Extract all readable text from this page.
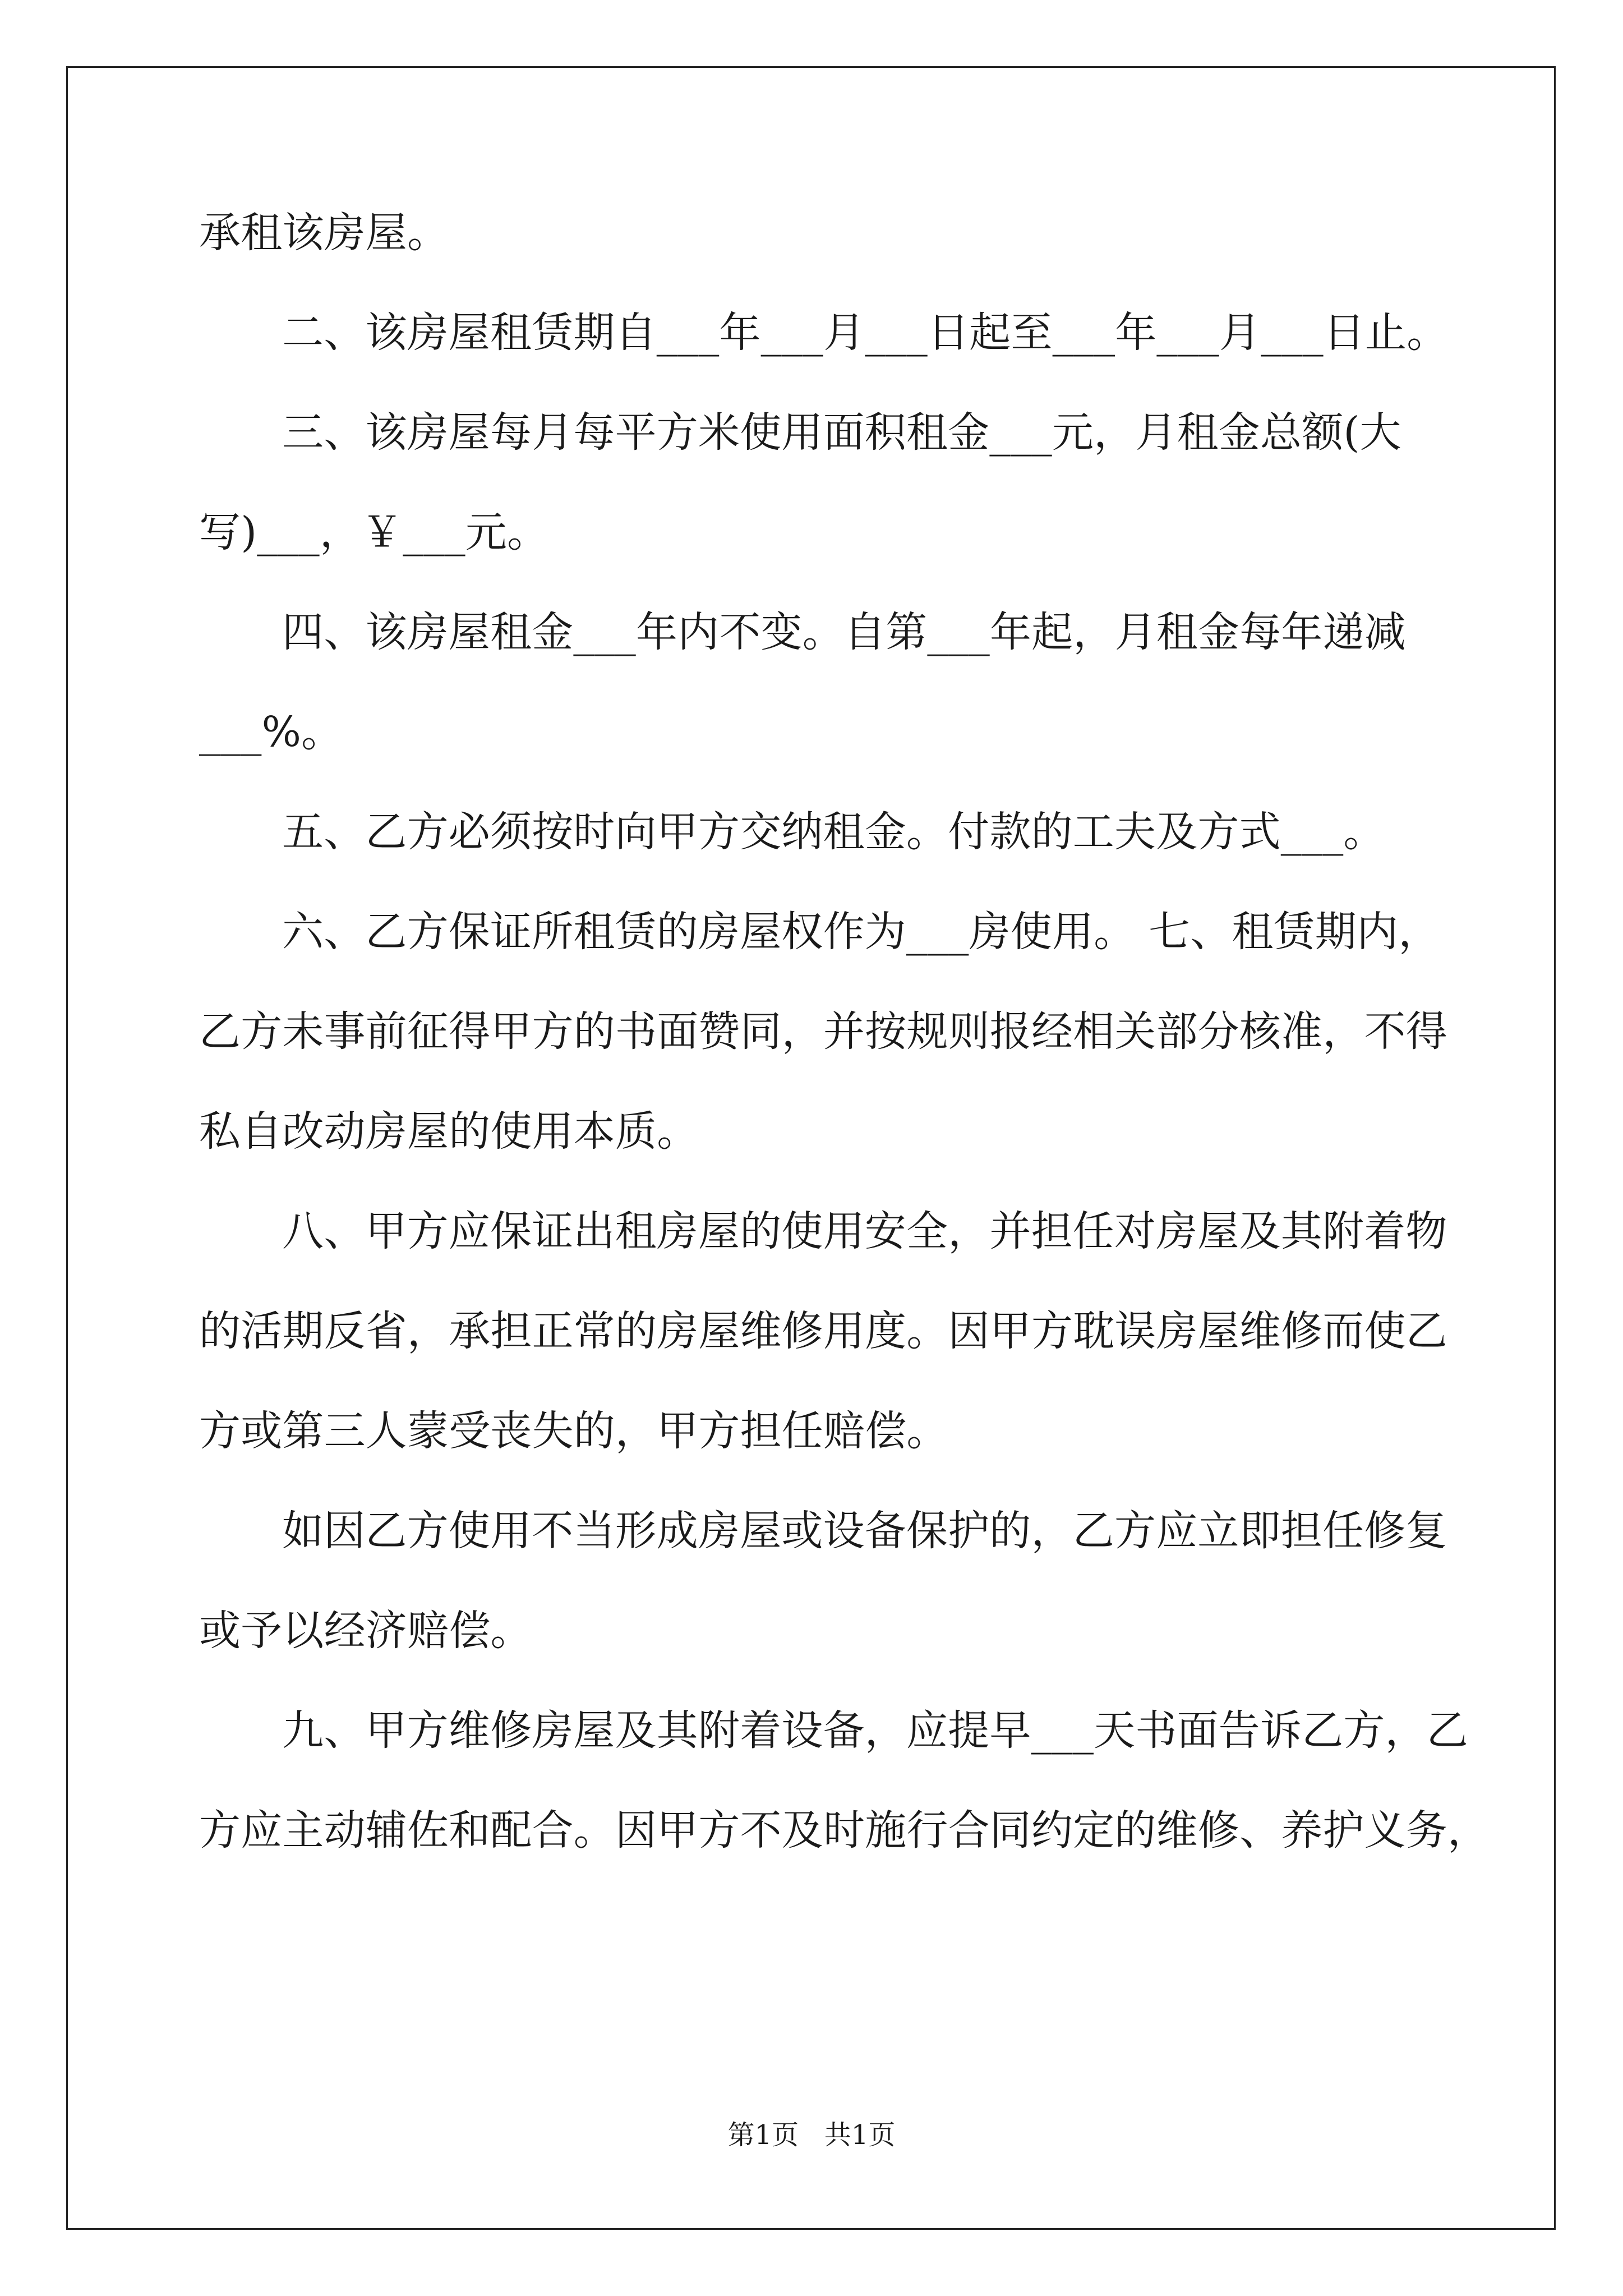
承租该房屋。
二、该房屋租赁期自___年___月___日起至___年___月___日止。
三、该房屋每月每平方米使用面积租金___元，月租金总额(大
写)___，￥___元。
四、该房屋租金___年内不变。自第___年起，月租金每年递减
___%。
五、乙方必须按时向甲方交纳租金。付款的工夫及方式___。
六、乙方保证所租赁的房屋权作为___房使用。 七、租赁期内，
乙方未事前征得甲方的书面赞同，并按规则报经相关部分核准，不得
私自改动房屋的使用本质。
八、甲方应保证出租房屋的使用安全，并担任对房屋及其附着物
的活期反省，承担正常的房屋维修用度。因甲方耽误房屋维修而使乙
方或第三人蒙受丧失的，甲方担任赔偿。
如因乙方使用不当形成房屋或设备保护的，乙方应立即担任修复
或予以经济赔偿。
九、甲方维修房屋及其附着设备，应提早___天书面告诉乙方，乙
方应主动辅佐和配合。因甲方不及时施行合同约定的维修、养护义务，
第1页   共1页
